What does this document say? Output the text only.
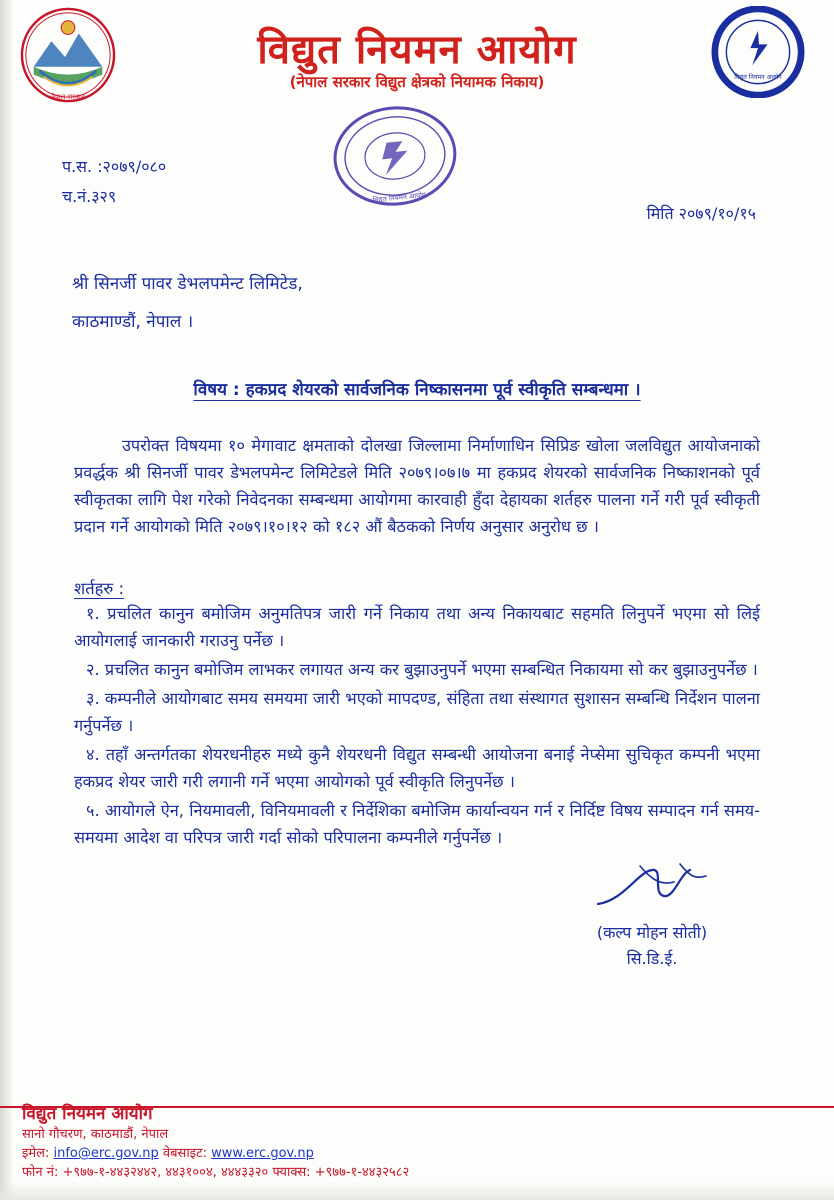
नेपाल सरकार
विद्युत नियमन आयोग
(नेपाल सरकार विद्युत क्षेत्रको नियामक निकाय)	विद्युत नियमन आयोग
विद्युत नियमन आयोग
प.स. :२०७९/०८०
च.नं.३२९
मिति २०७९/१०/१५
श्री सिनर्जी पावर डेभलपमेन्ट लिमिटेड,
काठमाण्डौं, नेपाल ।
विषय : हकप्रद शेयरको सार्वजनिक निष्कासनमा पूर्व स्वीकृति सम्बन्धमा ।
उपरोक्त विषयमा १० मेगावाट क्षमताको दोलखा जिल्लामा निर्माणाधिन सिप्रिङ खोला जलविद्युत आयोजनाको प्रवर्द्धक श्री सिनर्जी पावर डेभलपमेन्ट लिमिटेडले मिति २०७९।०७।७ मा हकप्रद शेयरको सार्वजनिक निष्काशनको पूर्व स्वीकृतका लागि पेश गरेको निवेदनका सम्बन्धमा आयोगमा कारवाही हुँदा देहायका शर्तहरु पालना गर्ने गरी पूर्व स्वीकृती प्रदान गर्ने आयोगको मिति २०७९।१०।१२ को १८२ औं बैठकको निर्णय अनुसार अनुरोध छ ।
शर्तहरु :
१. प्रचलित कानुन बमोजिम अनुमतिपत्र जारी गर्ने निकाय तथा अन्य निकायबाट सहमति लिनुपर्ने भएमा सो लिई आयोगलाई जानकारी गराउनु पर्नेछ ।
२. प्रचलित कानुन बमोजिम लाभकर लगायत अन्य कर बुझाउनुपर्ने भएमा सम्बन्धित निकायमा सो कर बुझाउनुपर्नेछ ।
३. कम्पनीले आयोगबाट समय समयमा जारी भएको मापदण्ड, संहिता तथा संस्थागत सुशासन सम्बन्धि निर्देशन पालना गर्नुपर्नेछ ।
४. तहाँ अन्तर्गतका शेयरधनीहरु मध्ये कुनै शेयरधनी विद्युत सम्बन्धी आयोजना बनाई नेप्सेमा सुचिकृत कम्पनी भएमा हकप्रद शेयर जारी गरी लगानी गर्ने भएमा आयोगको पूर्व स्वीकृति लिनुपर्नेछ ।
५. आयोगले ऐन, नियमावली, विनियमावली र निर्देशिका बमोजिम कार्यान्वयन गर्न र निर्दिष्ट विषय सम्पादन गर्न समय-समयमा आदेश वा परिपत्र जारी गर्दा सोको परिपालना कम्पनीले गर्नुपर्नेछ ।
(कल्प मोहन सोती)
सि.डि.ई.
विद्युत नियमन आयोग
सानो गौचरण, काठमाडौं, नेपाल
इमेल: info@erc.gov.np वेबसाइट: www.erc.gov.np
फोन नं: +९७७-१-४४३२४४२, ४४३१००४, ४४४३३२० फ्याक्स: +९७७-१-४४३२५८२
